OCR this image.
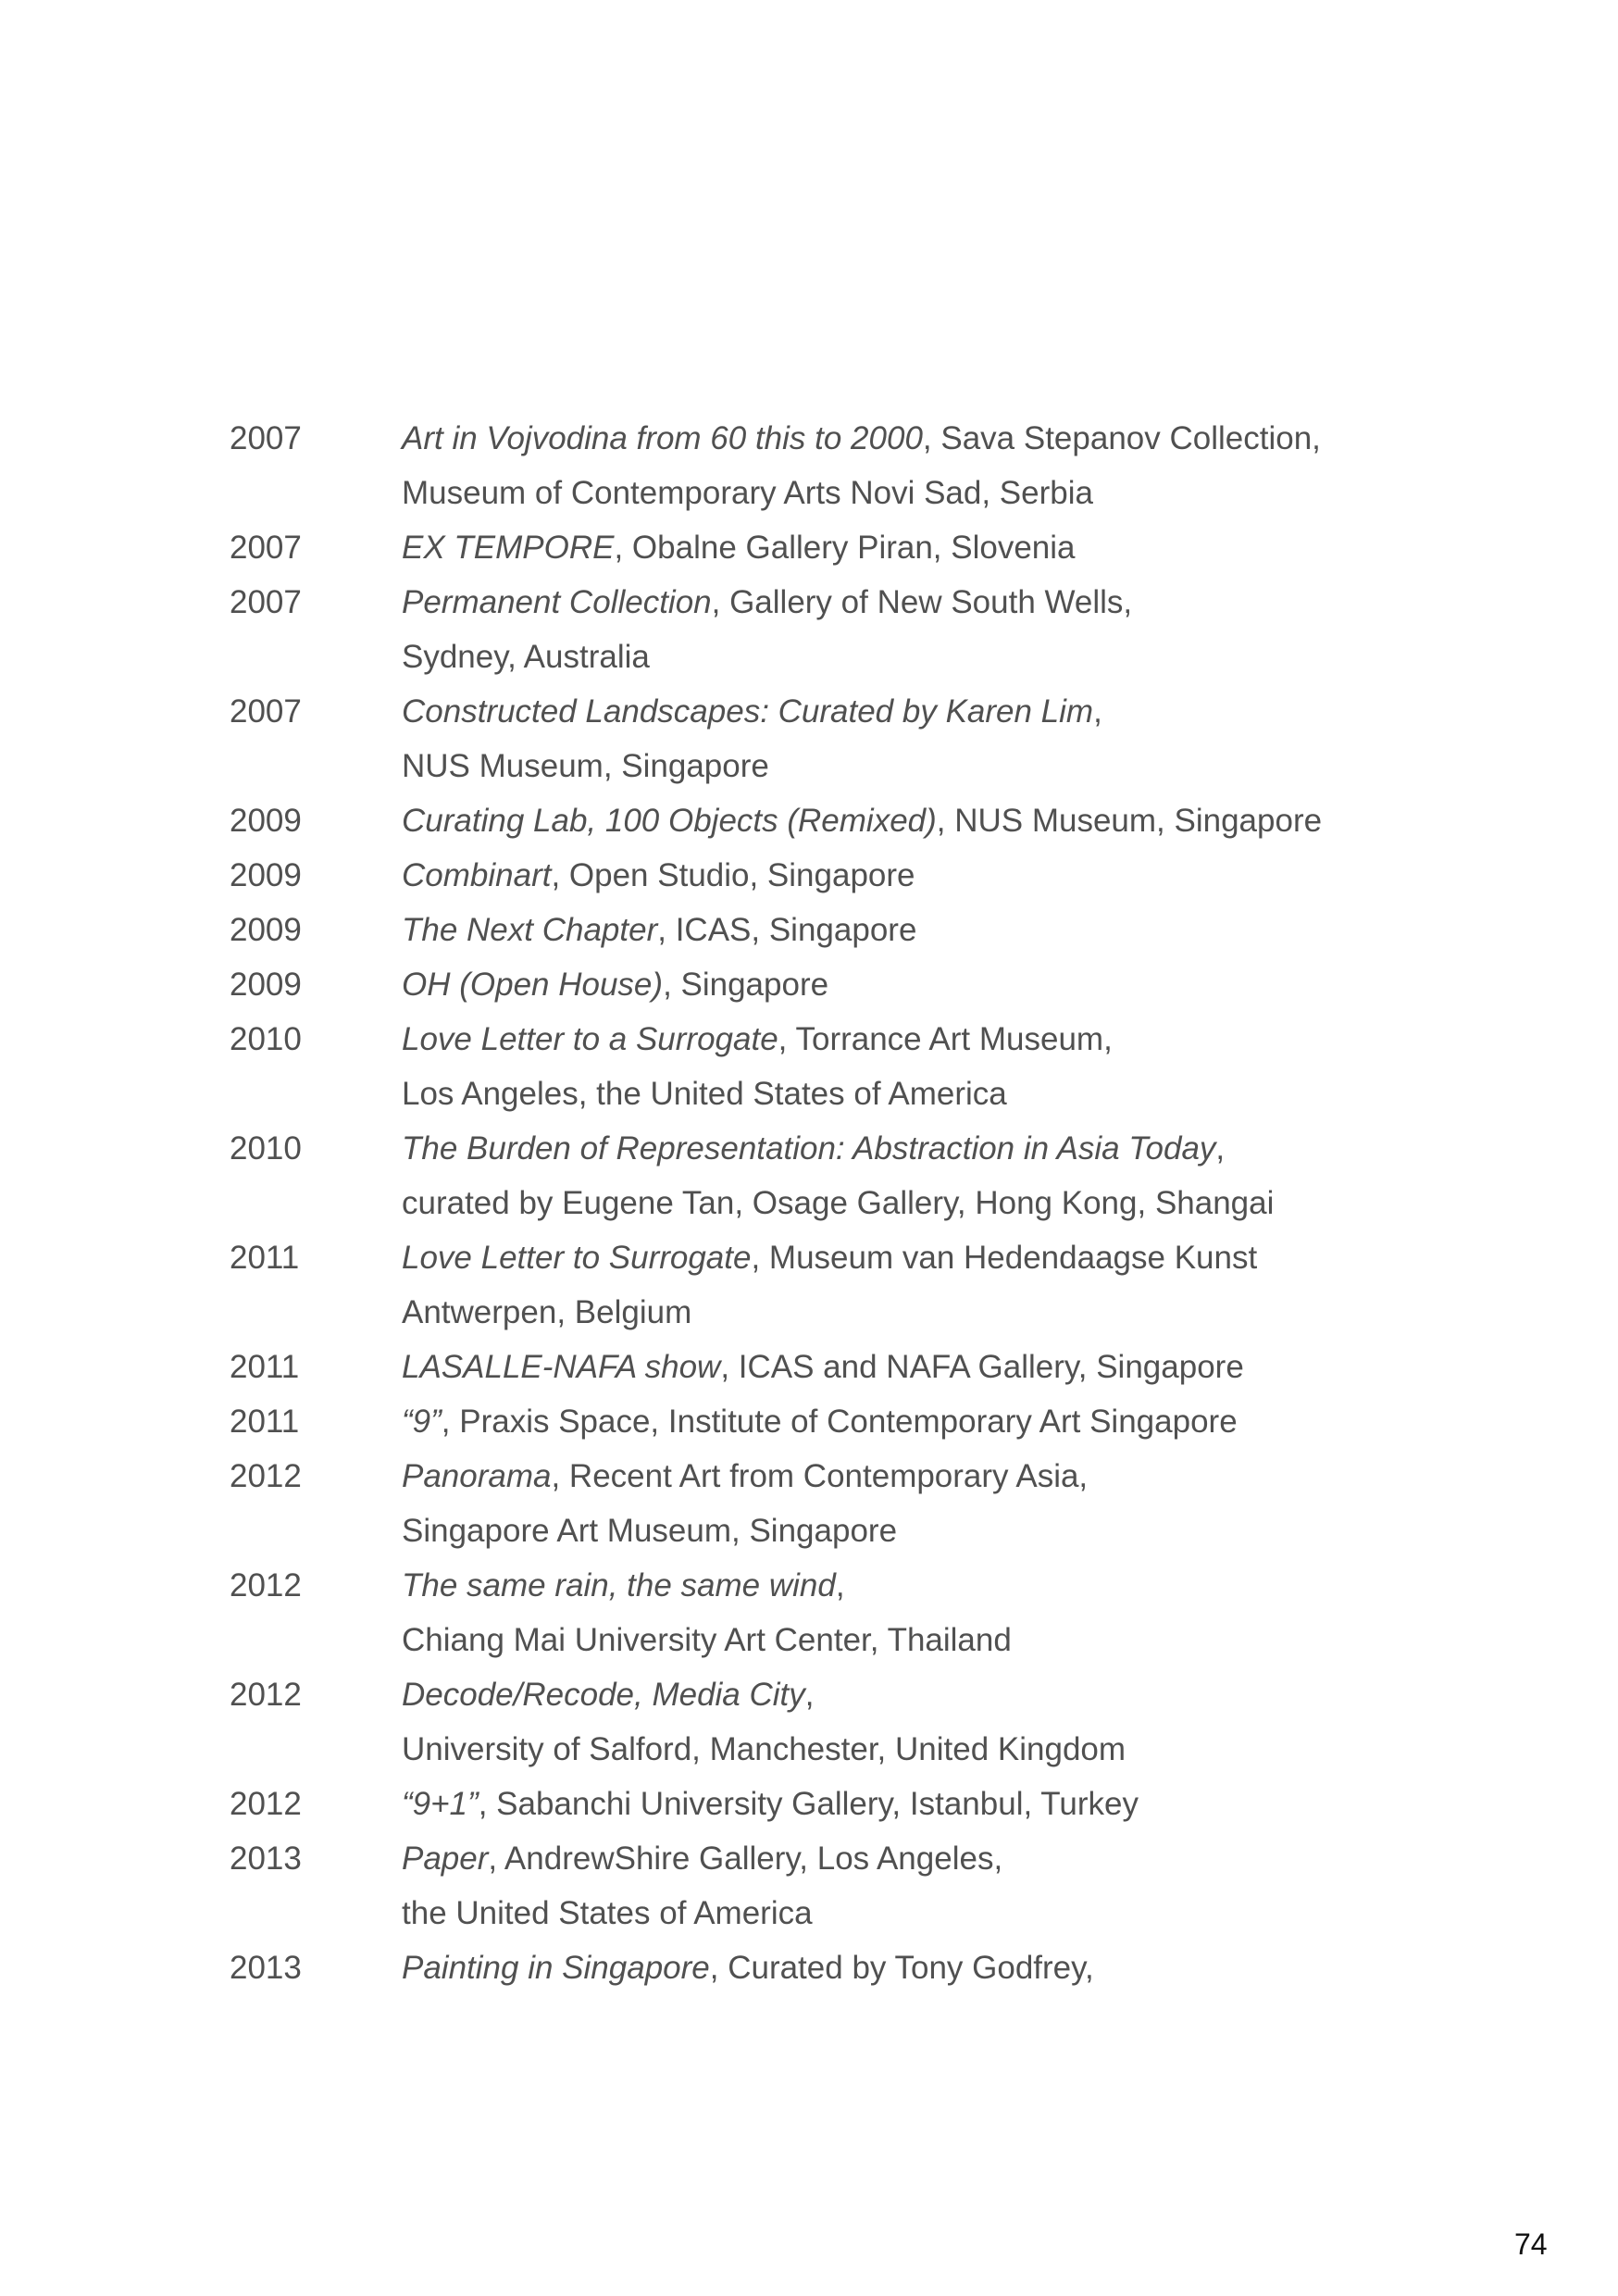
2007	Art in Vojvodina from 60 this to 2000, Sava Stepanov Collection,
Museum of Contemporary Arts Novi Sad, Serbia
2007	EX TEMPORE, Obalne Gallery Piran, Slovenia
2007	Permanent Collection, Gallery of New South Wells,
Sydney, Australia
2007	Constructed Landscapes: Curated by Karen Lim,
NUS Museum, Singapore
2009	Curating Lab, 100 Objects (Remixed), NUS Museum, Singapore
2009	Combinart, Open Studio, Singapore
2009	The Next Chapter, ICAS, Singapore
2009	OH (Open House), Singapore
2010	Love Letter to a Surrogate, Torrance Art Museum,
Los Angeles, the United States of America
2010	The Burden of Representation: Abstraction in Asia Today,
curated by Eugene Tan, Osage Gallery, Hong Kong, Shangai
2011	Love Letter to Surrogate, Museum van Hedendaagse Kunst
Antwerpen, Belgium
2011	LASALLE-NAFA show, ICAS and NAFA Gallery, Singapore
2011	“9”, Praxis Space, Institute of Contemporary Art Singapore
2012	Panorama, Recent Art from Contemporary Asia,
Singapore Art Museum, Singapore
2012	The same rain, the same wind,
Chiang Mai University Art Center, Thailand
2012	Decode/Recode, Media City,
University of Salford, Manchester, United Kingdom
2012	“9+1”, Sabanchi University Gallery, Istanbul, Turkey
2013	Paper, AndrewShire Gallery, Los Angeles,
the United States of America
2013	Painting in Singapore, Curated by Tony Godfrey,
74
